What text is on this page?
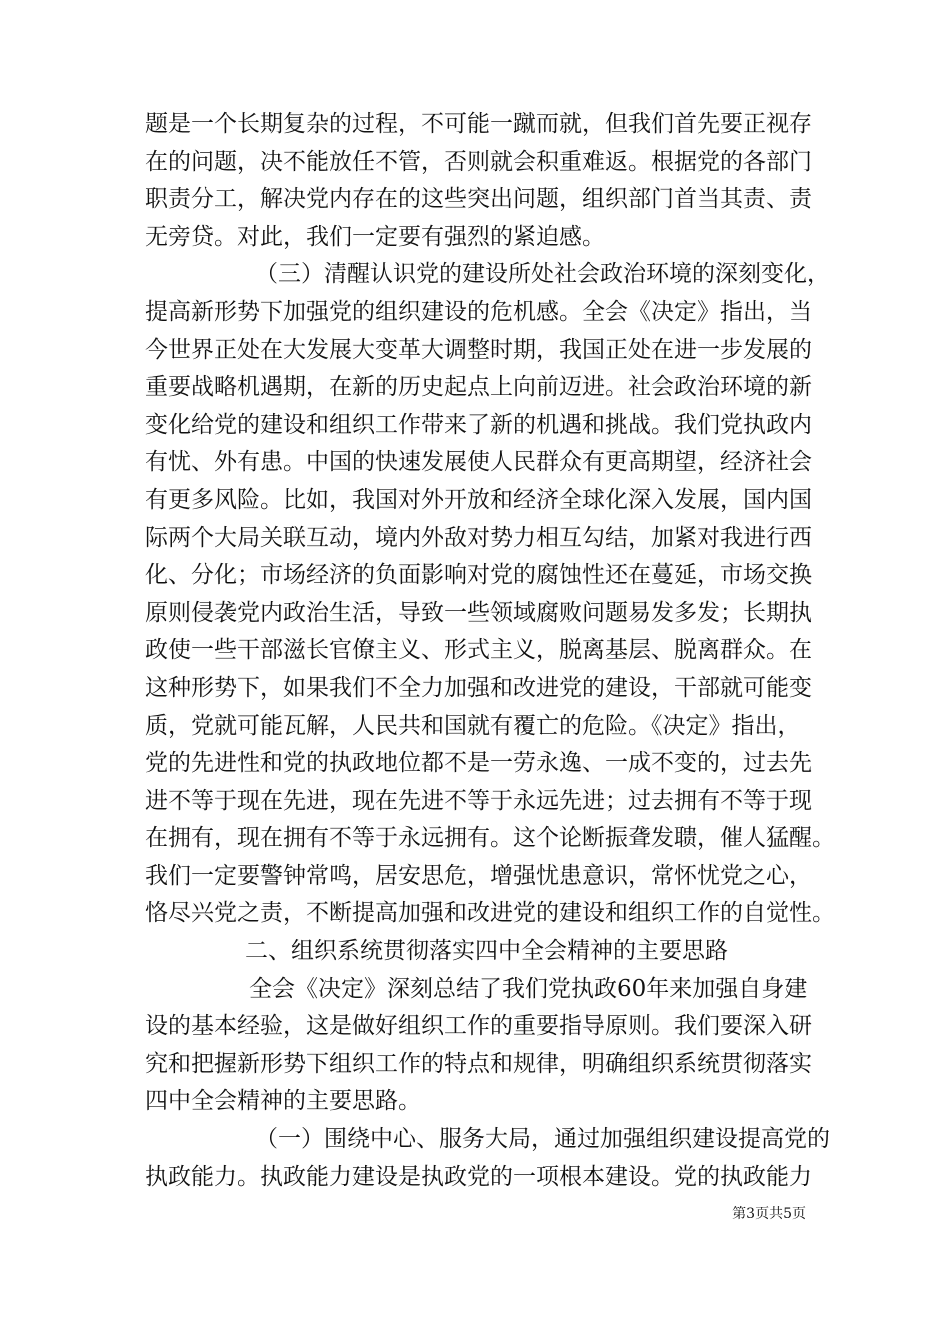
题是一个长期复杂的过程，不可能一蹴而就，但我们首先要正视存
在的问题，决不能放任不管，否则就会积重难返。根据党的各部门
职责分工，解决党内存在的这些突出问题，组织部门首当其责、责
无旁贷。对此，我们一定要有强烈的紧迫感。
（三）清醒认识党的建设所处社会政治环境的深刻变化，
提高新形势下加强党的组织建设的危机感。全会《决定》指出，当
今世界正处在大发展大变革大调整时期，我国正处在进一步发展的
重要战略机遇期，在新的历史起点上向前迈进。社会政治环境的新
变化给党的建设和组织工作带来了新的机遇和挑战。我们党执政内
有忧、外有患。中国的快速发展使人民群众有更高期望，经济社会
有更多风险。比如，我国对外开放和经济全球化深入发展，国内国
际两个大局关联互动，境内外敌对势力相互勾结，加紧对我进行西
化、分化；市场经济的负面影响对党的腐蚀性还在蔓延，市场交换
原则侵袭党内政治生活，导致一些领域腐败问题易发多发；长期执
政使一些干部滋长官僚主义、形式主义，脱离基层、脱离群众。在
这种形势下，如果我们不全力加强和改进党的建设，干部就可能变
质，党就可能瓦解，人民共和国就有覆亡的危险。《决定》指出，
党的先进性和党的执政地位都不是一劳永逸、一成不变的，过去先
进不等于现在先进，现在先进不等于永远先进；过去拥有不等于现
在拥有，现在拥有不等于永远拥有。这个论断振聋发聩，催人猛醒。
我们一定要警钟常鸣，居安思危，增强忧患意识，常怀忧党之心，
恪尽兴党之责，不断提高加强和改进党的建设和组织工作的自觉性。
二、组织系统贯彻落实四中全会精神的主要思路
全会《决定》深刻总结了我们党执政60年来加强自身建
设的基本经验，这是做好组织工作的重要指导原则。我们要深入研
究和把握新形势下组织工作的特点和规律，明确组织系统贯彻落实
四中全会精神的主要思路。
（一）围绕中心、服务大局，通过加强组织建设提高党的
执政能力。执政能力建设是执政党的一项根本建设。党的执政能力
第3页共5页
